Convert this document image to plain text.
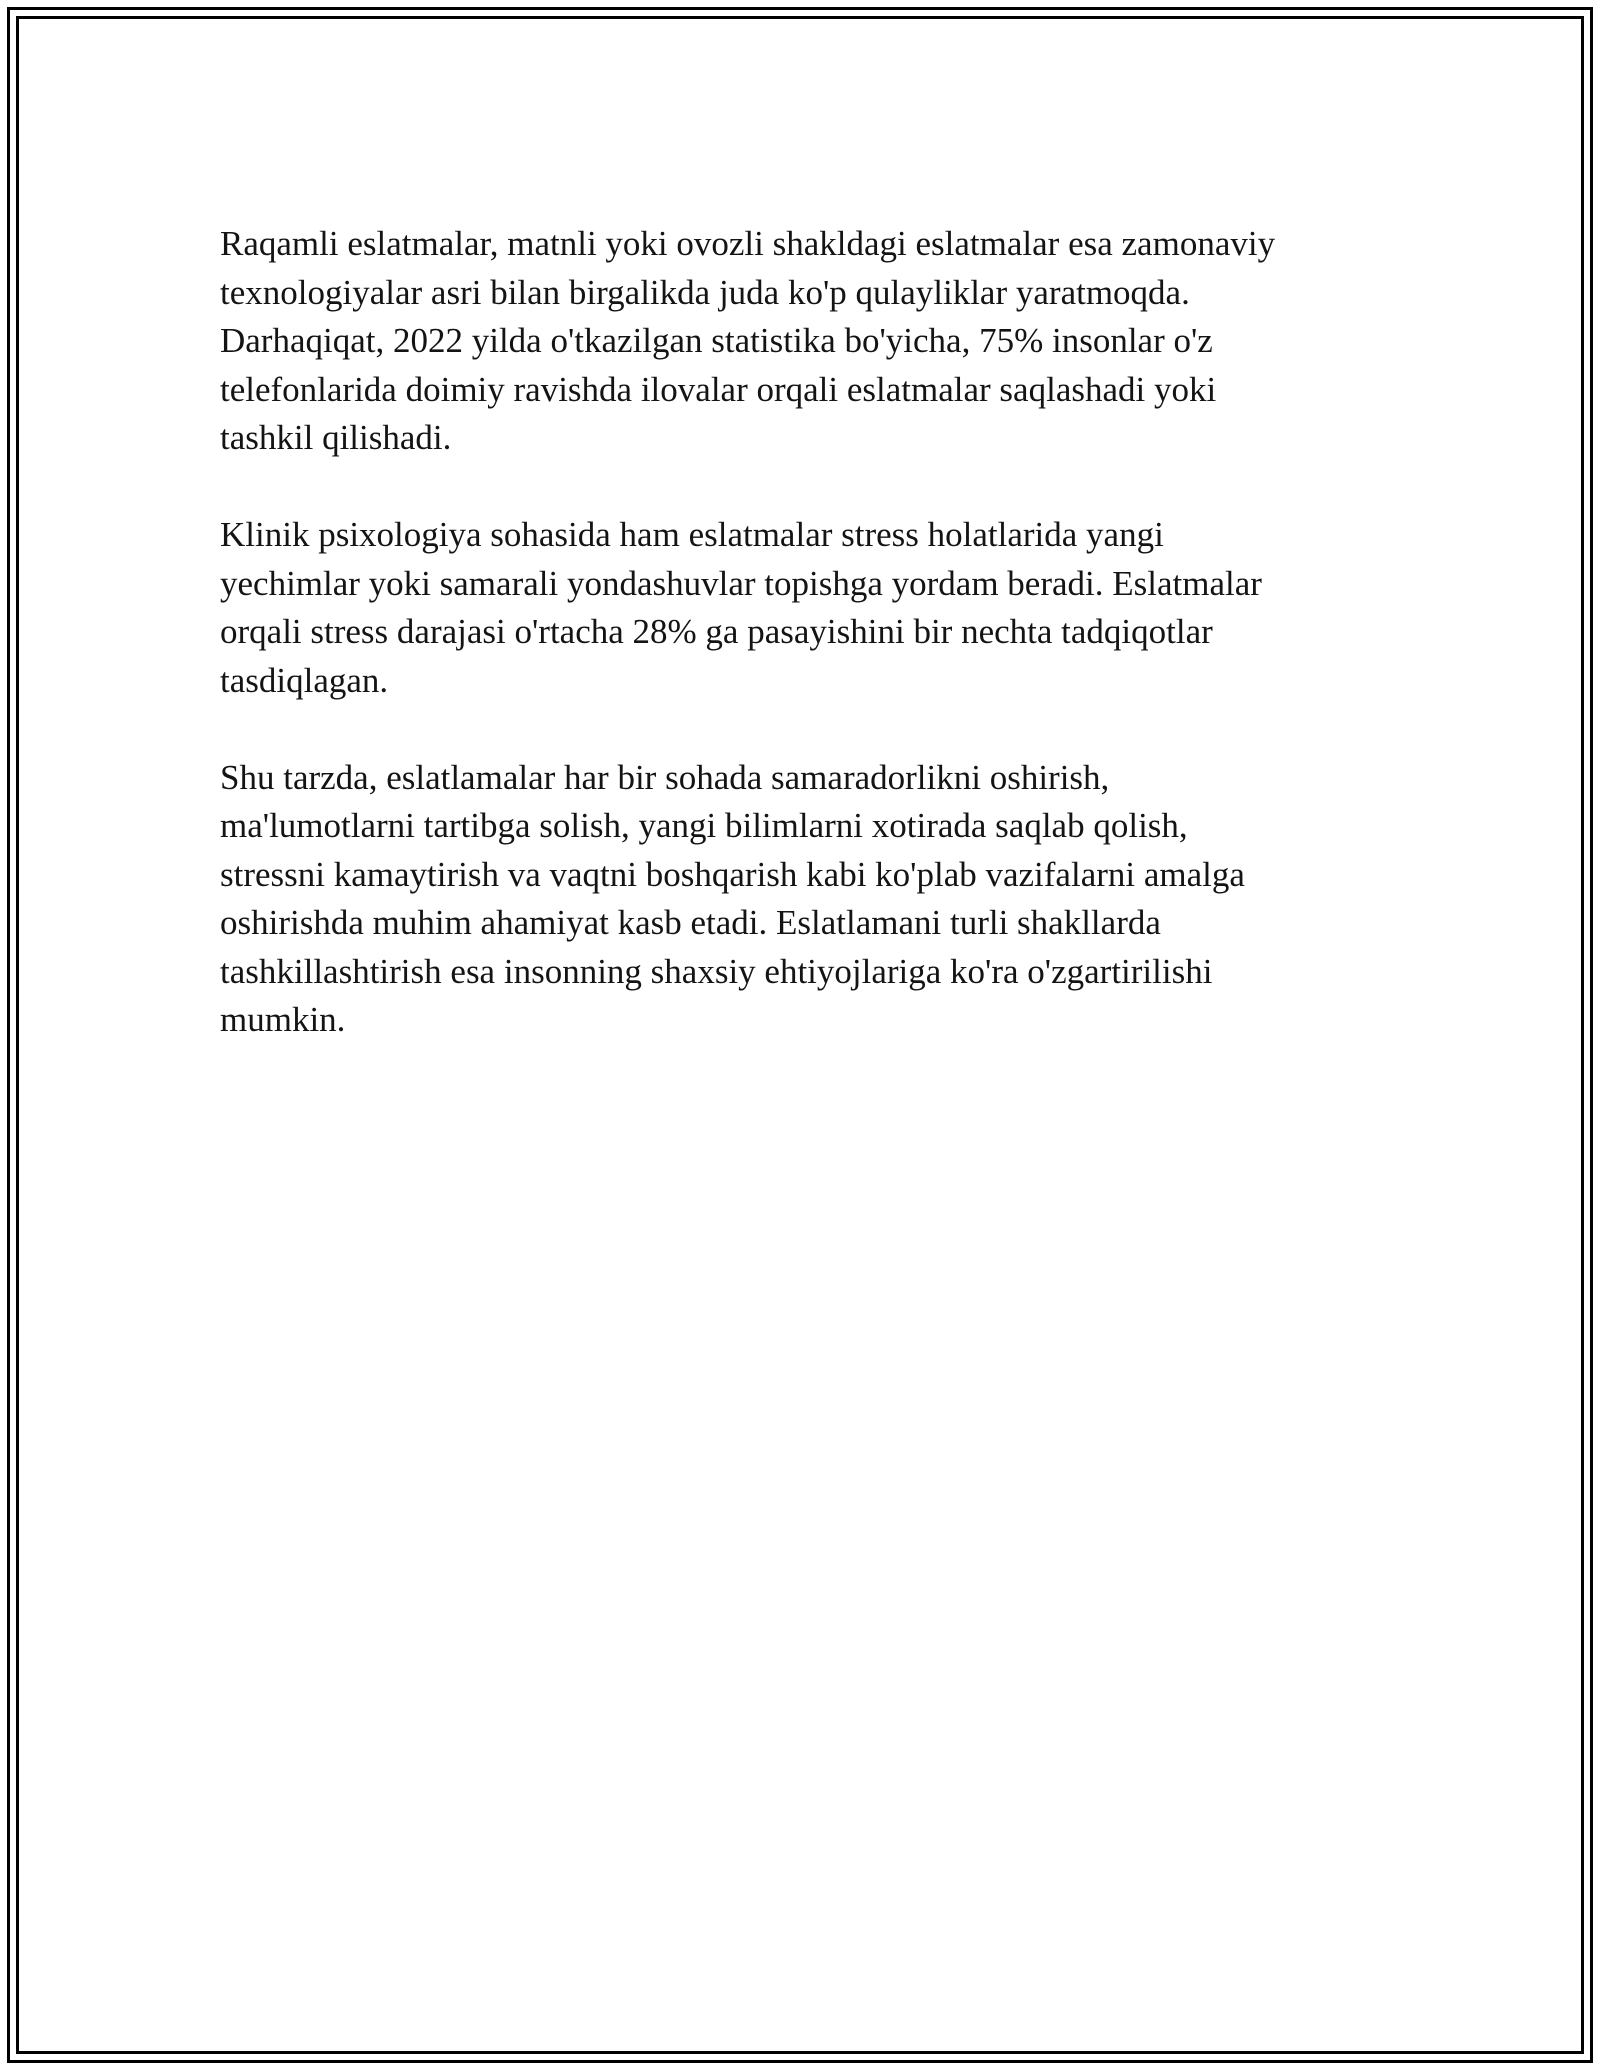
Raqamli eslatmalar, matnli yoki ovozli shakldagi eslatmalar esa zamonaviy
texnologiyalar asri bilan birgalikda juda ko'p qulayliklar yaratmoqda.
Darhaqiqat, 2022 yilda o'tkazilgan statistika bo'yicha, 75% insonlar o'z
telefonlarida doimiy ravishda ilovalar orqali eslatmalar saqlashadi yoki
tashkil qilishadi.

Klinik psixologiya sohasida ham eslatmalar stress holatlarida yangi
yechimlar yoki samarali yondashuvlar topishga yordam beradi. Eslatmalar
orqali stress darajasi o'rtacha 28% ga pasayishini bir nechta tadqiqotlar
tasdiqlagan.

Shu tarzda, eslatlamalar har bir sohada samaradorlikni oshirish,
ma'lumotlarni tartibga solish, yangi bilimlarni xotirada saqlab qolish,
stressni kamaytirish va vaqtni boshqarish kabi ko'plab vazifalarni amalga
oshirishda muhim ahamiyat kasb etadi. Eslatlamani turli shakllarda
tashkillashtirish esa insonning shaxsiy ehtiyojlariga ko'ra o'zgartirilishi
mumkin.
